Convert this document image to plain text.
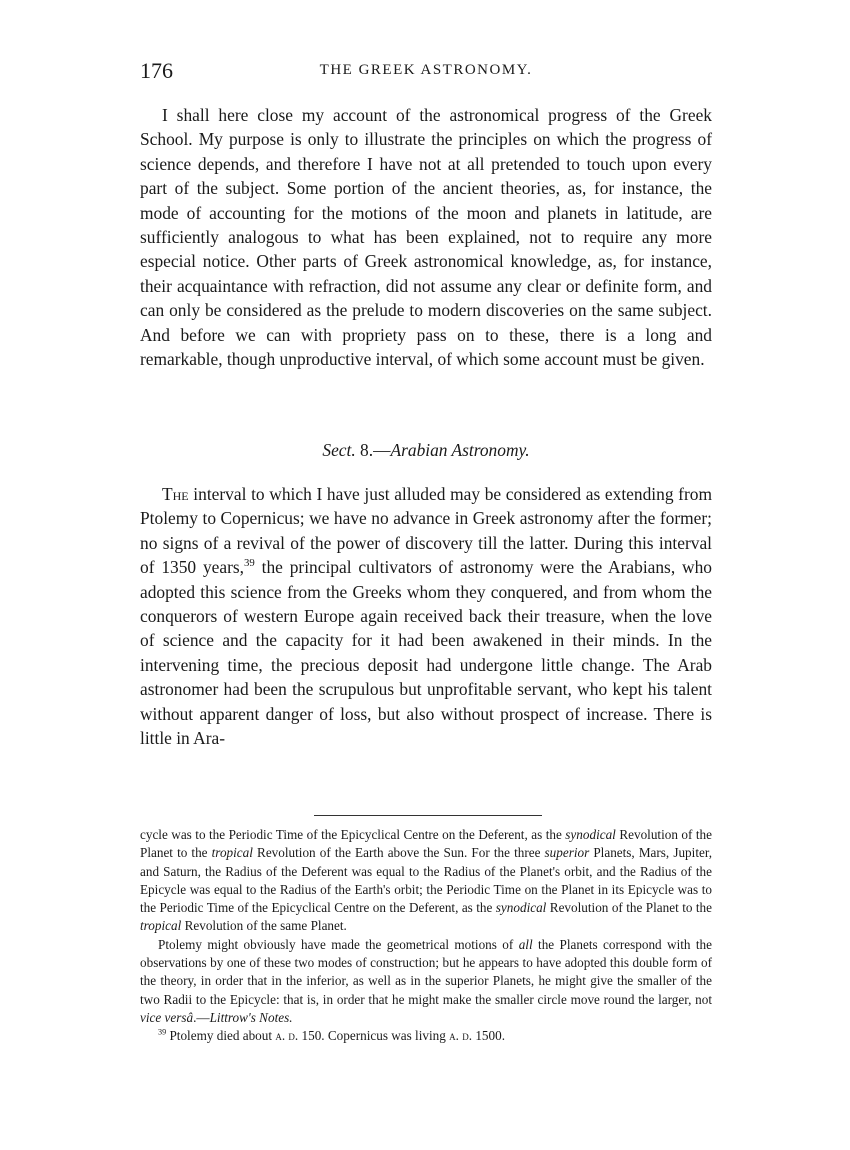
176	THE GREEK ASTRONOMY.

I shall here close my account of the astronomical progress of the Greek School. My purpose is only to illustrate the principles on which the progress of science depends, and therefore I have not at all pretended to touch upon every part of the subject. Some portion of the ancient theories, as, for instance, the mode of accounting for the motions of the moon and planets in latitude, are sufficiently analogous to what has been explained, not to require any more especial notice. Other parts of Greek astronomical knowledge, as, for instance, their acquaintance with refraction, did not assume any clear or definite form, and can only be considered as the prelude to modern discoveries on the same subject. And before we can with propriety pass on to these, there is a long and remarkable, though unproductive interval, of which some account must be given.

Sect. 8.—Arabian Astronomy.

The interval to which I have just alluded may be considered as extending from Ptolemy to Copernicus; we have no advance in Greek astronomy after the former; no signs of a revival of the power of discovery till the latter. During this interval of 1350 years,$^{39}$ the principal cultivators of astronomy were the Arabians, who adopted this science from the Greeks whom they conquered, and from whom the conquerors of western Europe again received back their treasure, when the love of science and the capacity for it had been awakened in their minds. In the intervening time, the precious deposit had undergone little change. The Arab astronomer had been the scrupulous but unprofitable servant, who kept his talent without apparent danger of loss, but also without prospect of increase. There is little in Ara-

cycle was to the Periodic Time of the Epicyclical Centre on the Deferent, as the synodical Revolution of the Planet to the tropical Revolution of the Earth above the Sun. For the three superior Planets, Mars, Jupiter, and Saturn, the Radius of the Deferent was equal to the Radius of the Planet's orbit, and the Radius of the Epicycle was equal to the Radius of the Earth's orbit; the Periodic Time on the Planet in its Epicycle was to the Periodic Time of the Epicyclical Centre on the Deferent, as the synodical Revolution of the Planet to the tropical Revolution of the same Planet.

Ptolemy might obviously have made the geometrical motions of all the Planets correspond with the observations by one of these two modes of construction; but he appears to have adopted this double form of the theory, in order that in the inferior, as well as in the superior Planets, he might give the smaller of the two Radii to the Epicycle: that is, in order that he might make the smaller circle move round the larger, not vice versâ.—Littrow's Notes.

$^{39}$ Ptolemy died about a. d. 150. Copernicus was living a. d. 1500.
